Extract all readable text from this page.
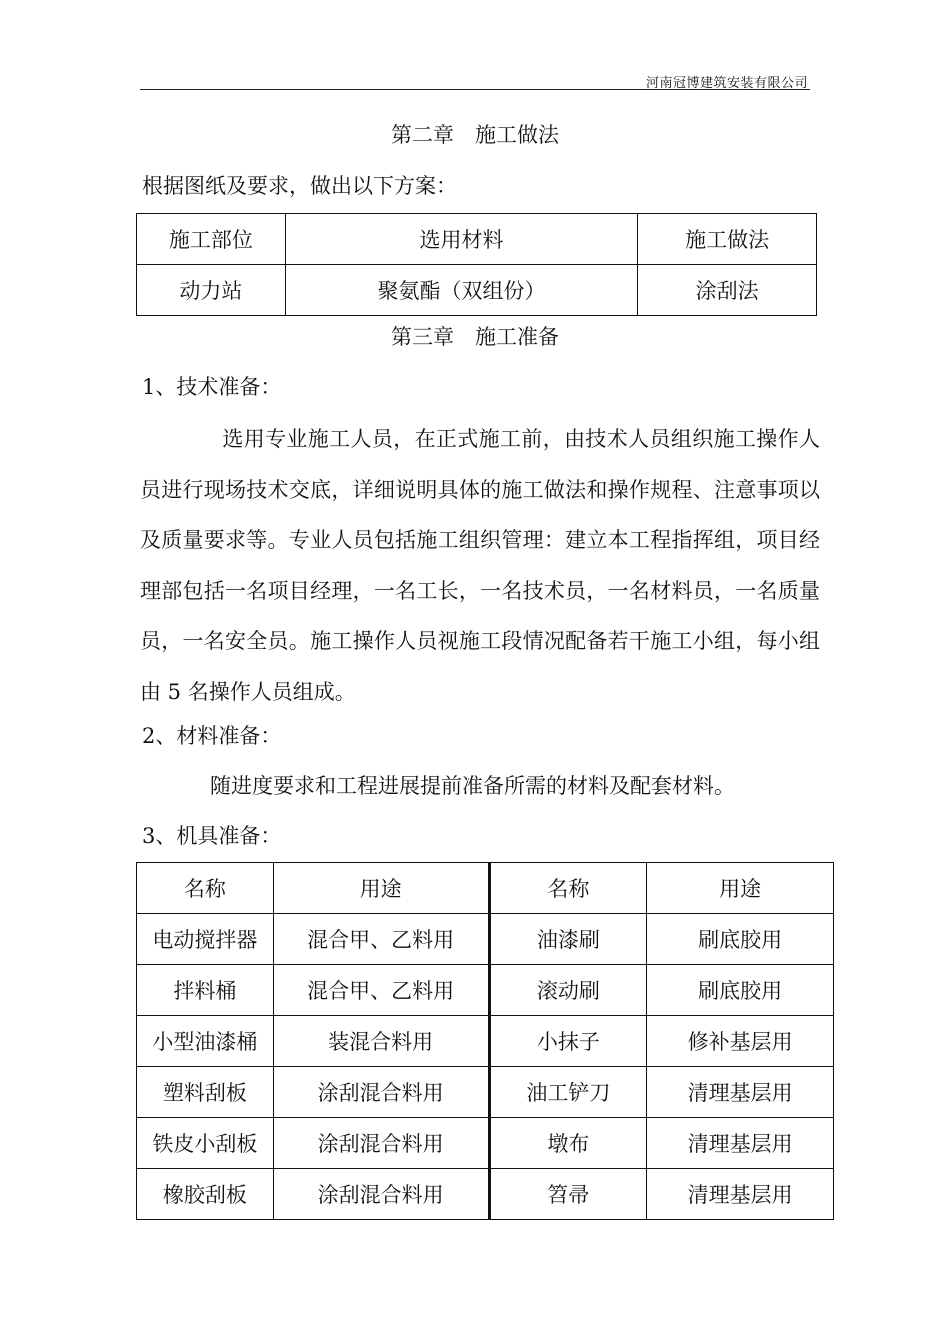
河南冠博建筑安装有限公司
第二章　施工做法
根据图纸及要求，做出以下方案：
施工部位	选用材料	施工做法
动力站	聚氨酯（双组份）	涂刮法
第三章　施工准备
1、技术准备：
选用专业施工人员，在正式施工前，由技术人员组织施工操作人员进行现场技术交底，详细说明具体的施工做法和操作规程、注意事项以及质量要求等。专业人员包括施工组织管理：建立本工程指挥组，项目经理部包括一名项目经理，一名工长，一名技术员，一名材料员，一名质量员，一名安全员。施工操作人员视施工段情况配备若干施工小组，每小组由 5 名操作人员组成。
2、材料准备：
随进度要求和工程进展提前准备所需的材料及配套材料。
3、机具准备：
名称	用途	名称	用途
电动搅拌器	混合甲、乙料用	油漆刷	刷底胶用
拌料桶	混合甲、乙料用	滚动刷	刷底胶用
小型油漆桶	装混合料用	小抹子	修补基层用
塑料刮板	涂刮混合料用	油工铲刀	清理基层用
铁皮小刮板	涂刮混合料用	墩布	清理基层用
橡胶刮板	涂刮混合料用	笤帚	清理基层用
